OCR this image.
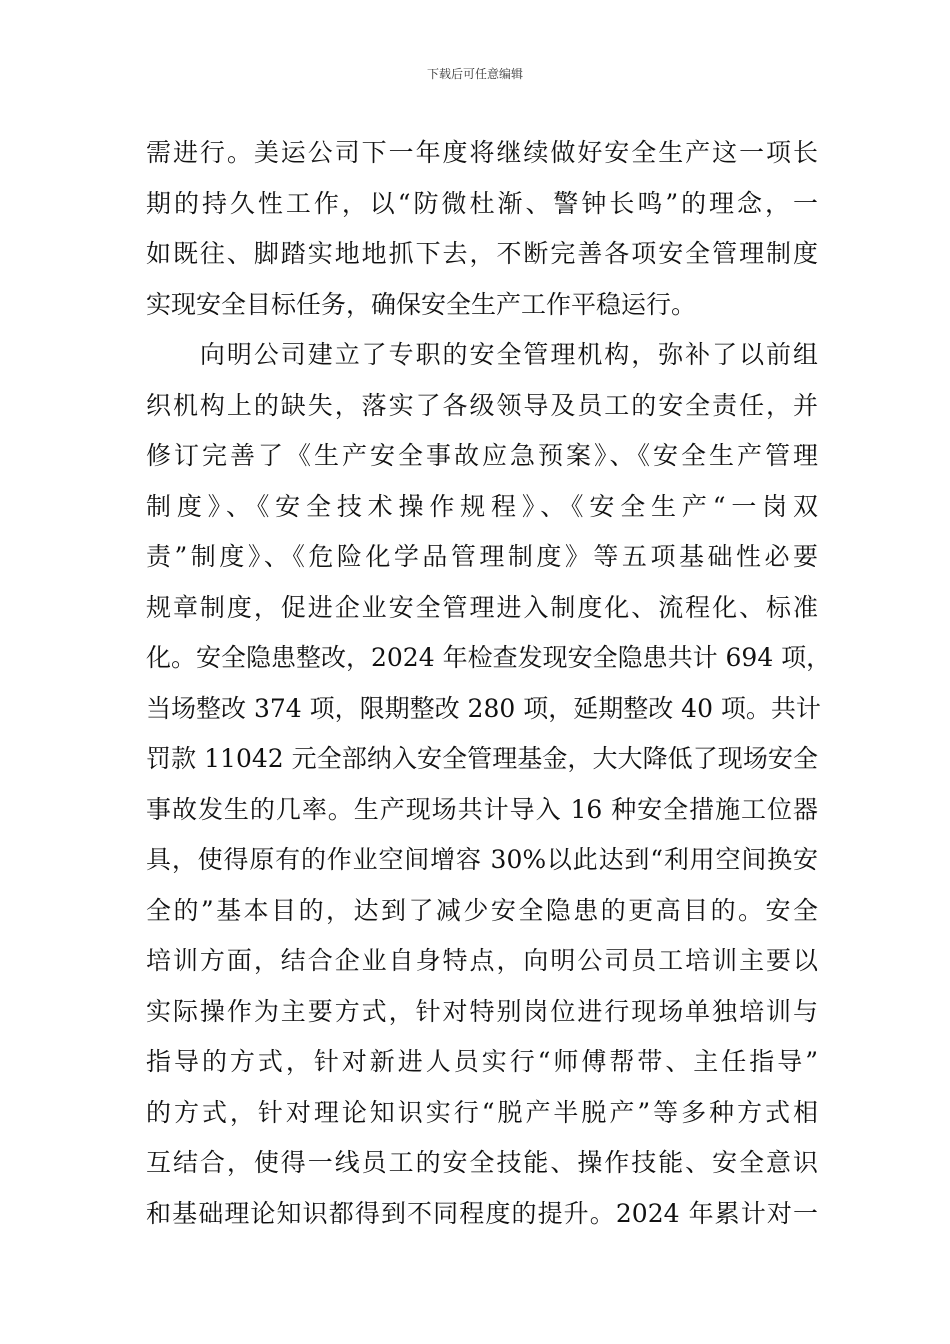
下载后可任意编辑
需进行。美运公司下一年度将继续做好安全生产这一项长
期的持久性工作，以“防微杜渐、警钟长鸣”的理念，一
如既往、脚踏实地地抓下去，不断完善各项安全管理制度
实现安全目标任务，确保安全生产工作平稳运行。
　　向明公司建立了专职的安全管理机构，弥补了以前组
织机构上的缺失，落实了各级领导及员工的安全责任，并
修订完善了《生产安全事故应急预案》、《安全生产管理
制度》、《安全技术操作规程》、《安全生产“一岗双
责”制度》、《危险化学品管理制度》等五项基础性必要
规章制度，促进企业安全管理进入制度化、流程化、标准
化。安全隐患整改，2024 年检查发现安全隐患共计 694 项，
当场整改 374 项，限期整改 280 项，延期整改 40 项。共计
罚款 11042 元全部纳入安全管理基金，大大降低了现场安全
事故发生的几率。生产现场共计导入 16 种安全措施工位器
具，使得原有的作业空间增容 30%以此达到“利用空间换安
全的”基本目的，达到了减少安全隐患的更高目的。安全
培训方面，结合企业自身特点，向明公司员工培训主要以
实际操作为主要方式，针对特别岗位进行现场单独培训与
指导的方式，针对新进人员实行“师傅帮带、主任指导”
的方式，针对理论知识实行“脱产半脱产”等多种方式相
互结合，使得一线员工的安全技能、操作技能、安全意识
和基础理论知识都得到不同程度的提升。2024 年累计对一
